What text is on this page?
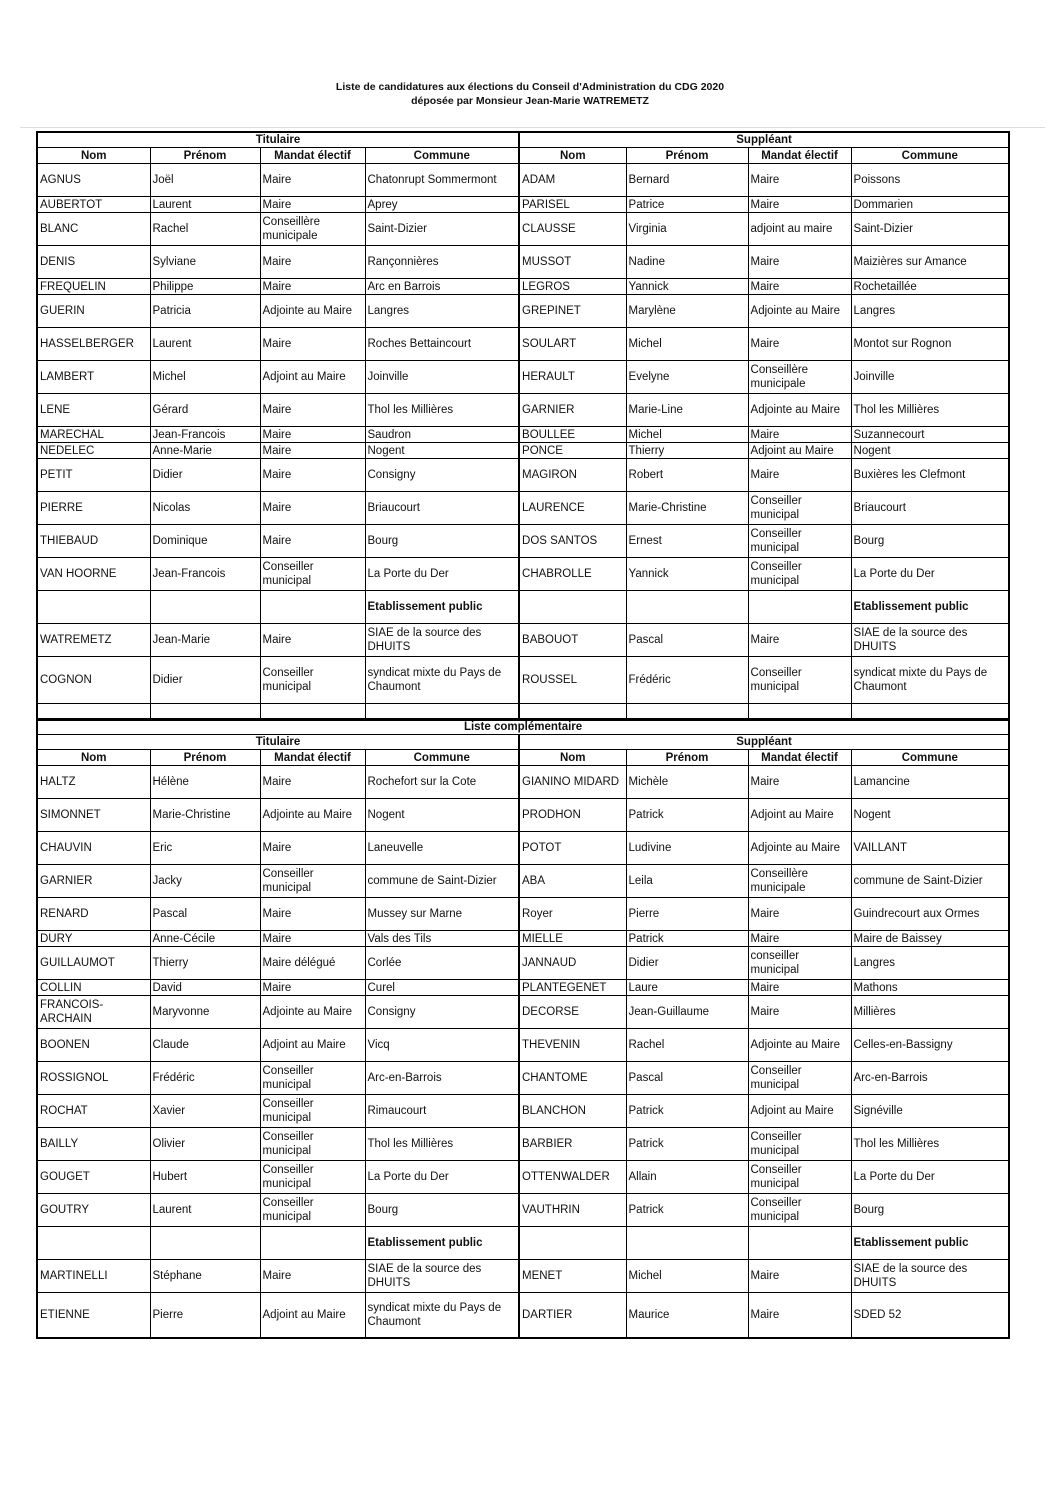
Liste de candidatures aux élections du Conseil d'Administration du CDG 2020
déposée par Monsieur Jean-Marie WATREMETZ
Titulaire				Suppléant			
Nom	Prénom	Mandat électif	Commune	Nom	Prénom	Mandat électif	Commune
AGNUS	Joël	Maire	Chatonrupt Sommermont	ADAM	Bernard	Maire	Poissons
AUBERTOT	Laurent	Maire	Aprey	PARISEL	Patrice	Maire	Dommarien
BLANC	Rachel	Conseillère municipale	Saint-Dizier	CLAUSSE	Virginia	adjoint au maire	Saint-Dizier
DENIS	Sylviane	Maire	Rançonnières	MUSSOT	Nadine	Maire	Maizières sur Amance
FREQUELIN	Philippe	Maire	Arc en Barrois	LEGROS	Yannick	Maire	Rochetaillée
GUERIN	Patricia	Adjointe au Maire	Langres	GREPINET	Marylène	Adjointe au Maire	Langres
HASSELBERGER	Laurent	Maire	Roches Bettaincourt	SOULART	Michel	Maire	Montot sur Rognon
LAMBERT	Michel	Adjoint au Maire	Joinville	HERAULT	Evelyne	Conseillère municipale	Joinville
LENE	Gérard	Maire	Thol les Millières	GARNIER	Marie-Line	Adjointe au Maire	Thol les Millières
MARECHAL	Jean-Francois	Maire	Saudron	BOULLEE	Michel	Maire	Suzannecourt
NEDELEC	Anne-Marie	Maire	Nogent	PONCE	Thierry	Adjoint au Maire	Nogent
PETIT	Didier	Maire	Consigny	MAGIRON	Robert	Maire	Buxières les Clefmont
PIERRE	Nicolas	Maire	Briaucourt	LAURENCE	Marie-Christine	Conseiller municipal	Briaucourt
THIEBAUD	Dominique	Maire	Bourg	DOS SANTOS	Ernest	Conseiller municipal	Bourg
VAN HOORNE	Jean-Francois	Conseiller municipal	La Porte du Der	CHABROLLE	Yannick	Conseiller municipal	La Porte du Der
			Etablissement public				Etablissement public
WATREMETZ	Jean-Marie	Maire	SIAE de la source des DHUITS	BABOUOT	Pascal	Maire	SIAE de la source des DHUITS
COGNON	Didier	Conseiller municipal	syndicat mixte du Pays de Chaumont	ROUSSEL	Frédéric	Conseiller municipal	syndicat mixte du Pays de Chaumont

Liste complémentaire							
Titulaire				Suppléant			
Nom	Prénom	Mandat électif	Commune	Nom	Prénom	Mandat électif	Commune
HALTZ	Hélène	Maire	Rochefort sur la Cote	GIANINO MIDARD	Michèle	Maire	Lamancine
SIMONNET	Marie-Christine	Adjointe au Maire	Nogent	PRODHON	Patrick	Adjoint au Maire	Nogent
CHAUVIN	Eric	Maire	Laneuvelle	POTOT	Ludivine	Adjointe au Maire	VAILLANT
GARNIER	Jacky	Conseiller municipal	commune de Saint-Dizier	ABA	Leila	Conseillère municipale	commune de Saint-Dizier
RENARD	Pascal	Maire	Mussey sur Marne	Royer	Pierre	Maire	Guindrecourt aux Ormes
DURY	Anne-Cécile	Maire	Vals des Tils	MIELLE	Patrick	Maire	Maire de Baissey
GUILLAUMOT	Thierry	Maire délégué	Corlée	JANNAUD	Didier	conseiller municipal	Langres
COLLIN	David	Maire	Curel	PLANTEGENET	Laure	Maire	Mathons
FRANCOIS-ARCHAIN	Maryvonne	Adjointe au Maire	Consigny	DECORSE	Jean-Guillaume	Maire	Millières
BOONEN	Claude	Adjoint au Maire	Vicq	THEVENIN	Rachel	Adjointe au Maire	Celles-en-Bassigny
ROSSIGNOL	Frédéric	Conseiller municipal	Arc-en-Barrois	CHANTOME	Pascal	Conseiller municipal	Arc-en-Barrois
ROCHAT	Xavier	Conseiller municipal	Rimaucourt	BLANCHON	Patrick	Adjoint au Maire	Signéville
BAILLY	Olivier	Conseiller municipal	Thol les Millières	BARBIER	Patrick	Conseiller municipal	Thol les Millières
GOUGET	Hubert	Conseiller municipal	La Porte du Der	OTTENWALDER	Allain	Conseiller municipal	La Porte du Der
GOUTRY	Laurent	Conseiller municipal	Bourg	VAUTHRIN	Patrick	Conseiller municipal	Bourg
			Etablissement public				Etablissement public
MARTINELLI	Stéphane	Maire	SIAE de la source des DHUITS	MENET	Michel	Maire	SIAE de la source des DHUITS
ETIENNE	Pierre	Adjoint au Maire	syndicat mixte du Pays de Chaumont	DARTIER	Maurice	Maire	SDED 52
